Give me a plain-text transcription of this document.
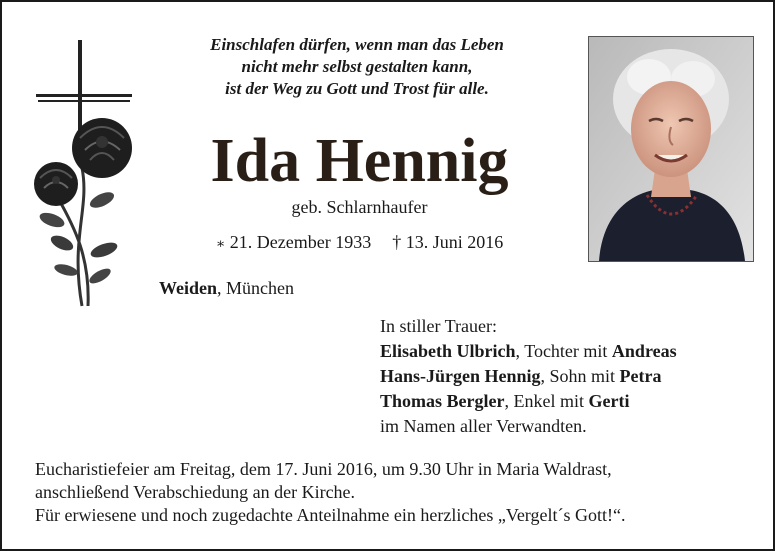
Einschlafen dürfen, wenn man das Leben
nicht mehr selbst gestalten kann,
ist der Weg zu Gott und Trost für alle.
Ida Hennig
geb. Schlarnhaufer
∗ 21. Dezember 1933 † 13. Juni 2016
Weiden, München
In stiller Trauer:
Elisabeth Ulbrich, Tochter mit Andreas
Hans-Jürgen Hennig, Sohn mit Petra
Thomas Bergler, Enkel mit Gerti
im Namen aller Verwandten.
Eucharistiefeier am Freitag, dem 17. Juni 2016, um 9.30 Uhr in Maria Waldrast,
anschließend Verabschiedung an der Kirche.
Für erwiesene und noch zugedachte Anteilnahme ein herzliches „Vergelt´s Gott!“.
